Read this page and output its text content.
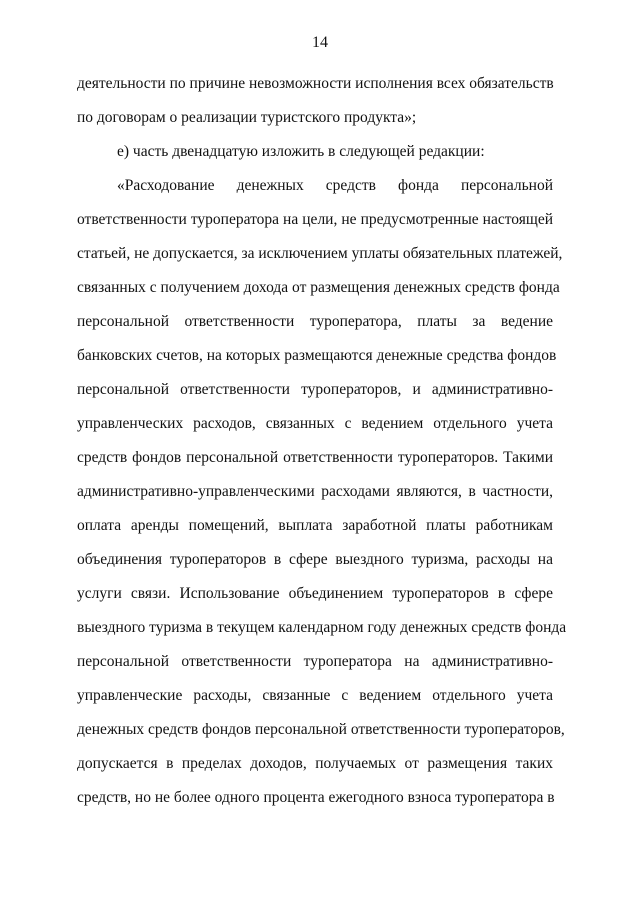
14
деятельности по причине невозможности исполнения всех обязательств
по договорам о реализации туристского продукта»;
е) часть двенадцатую изложить в следующей редакции:
«Расходование денежных средств фонда персональной
ответственности туроператора на цели, не предусмотренные настоящей
статьей, не допускается, за исключением уплаты обязательных платежей,
связанных с получением дохода от размещения денежных средств фонда
персональной ответственности туроператора, платы за ведение
банковских счетов, на которых размещаются денежные средства фондов
персональной ответственности туроператоров, и административно-
управленческих расходов, связанных с ведением отдельного учета
средств фондов персональной ответственности туроператоров. Такими
административно-управленческими расходами являются, в частности,
оплата аренды помещений, выплата заработной платы работникам
объединения туроператоров в сфере выездного туризма, расходы на
услуги связи. Использование объединением туроператоров в сфере
выездного туризма в текущем календарном году денежных средств фонда
персональной ответственности туроператора на административно-
управленческие расходы, связанные с ведением отдельного учета
денежных средств фондов персональной ответственности туроператоров,
допускается в пределах доходов, получаемых от размещения таких
средств, но не более одного процента ежегодного взноса туроператора в
